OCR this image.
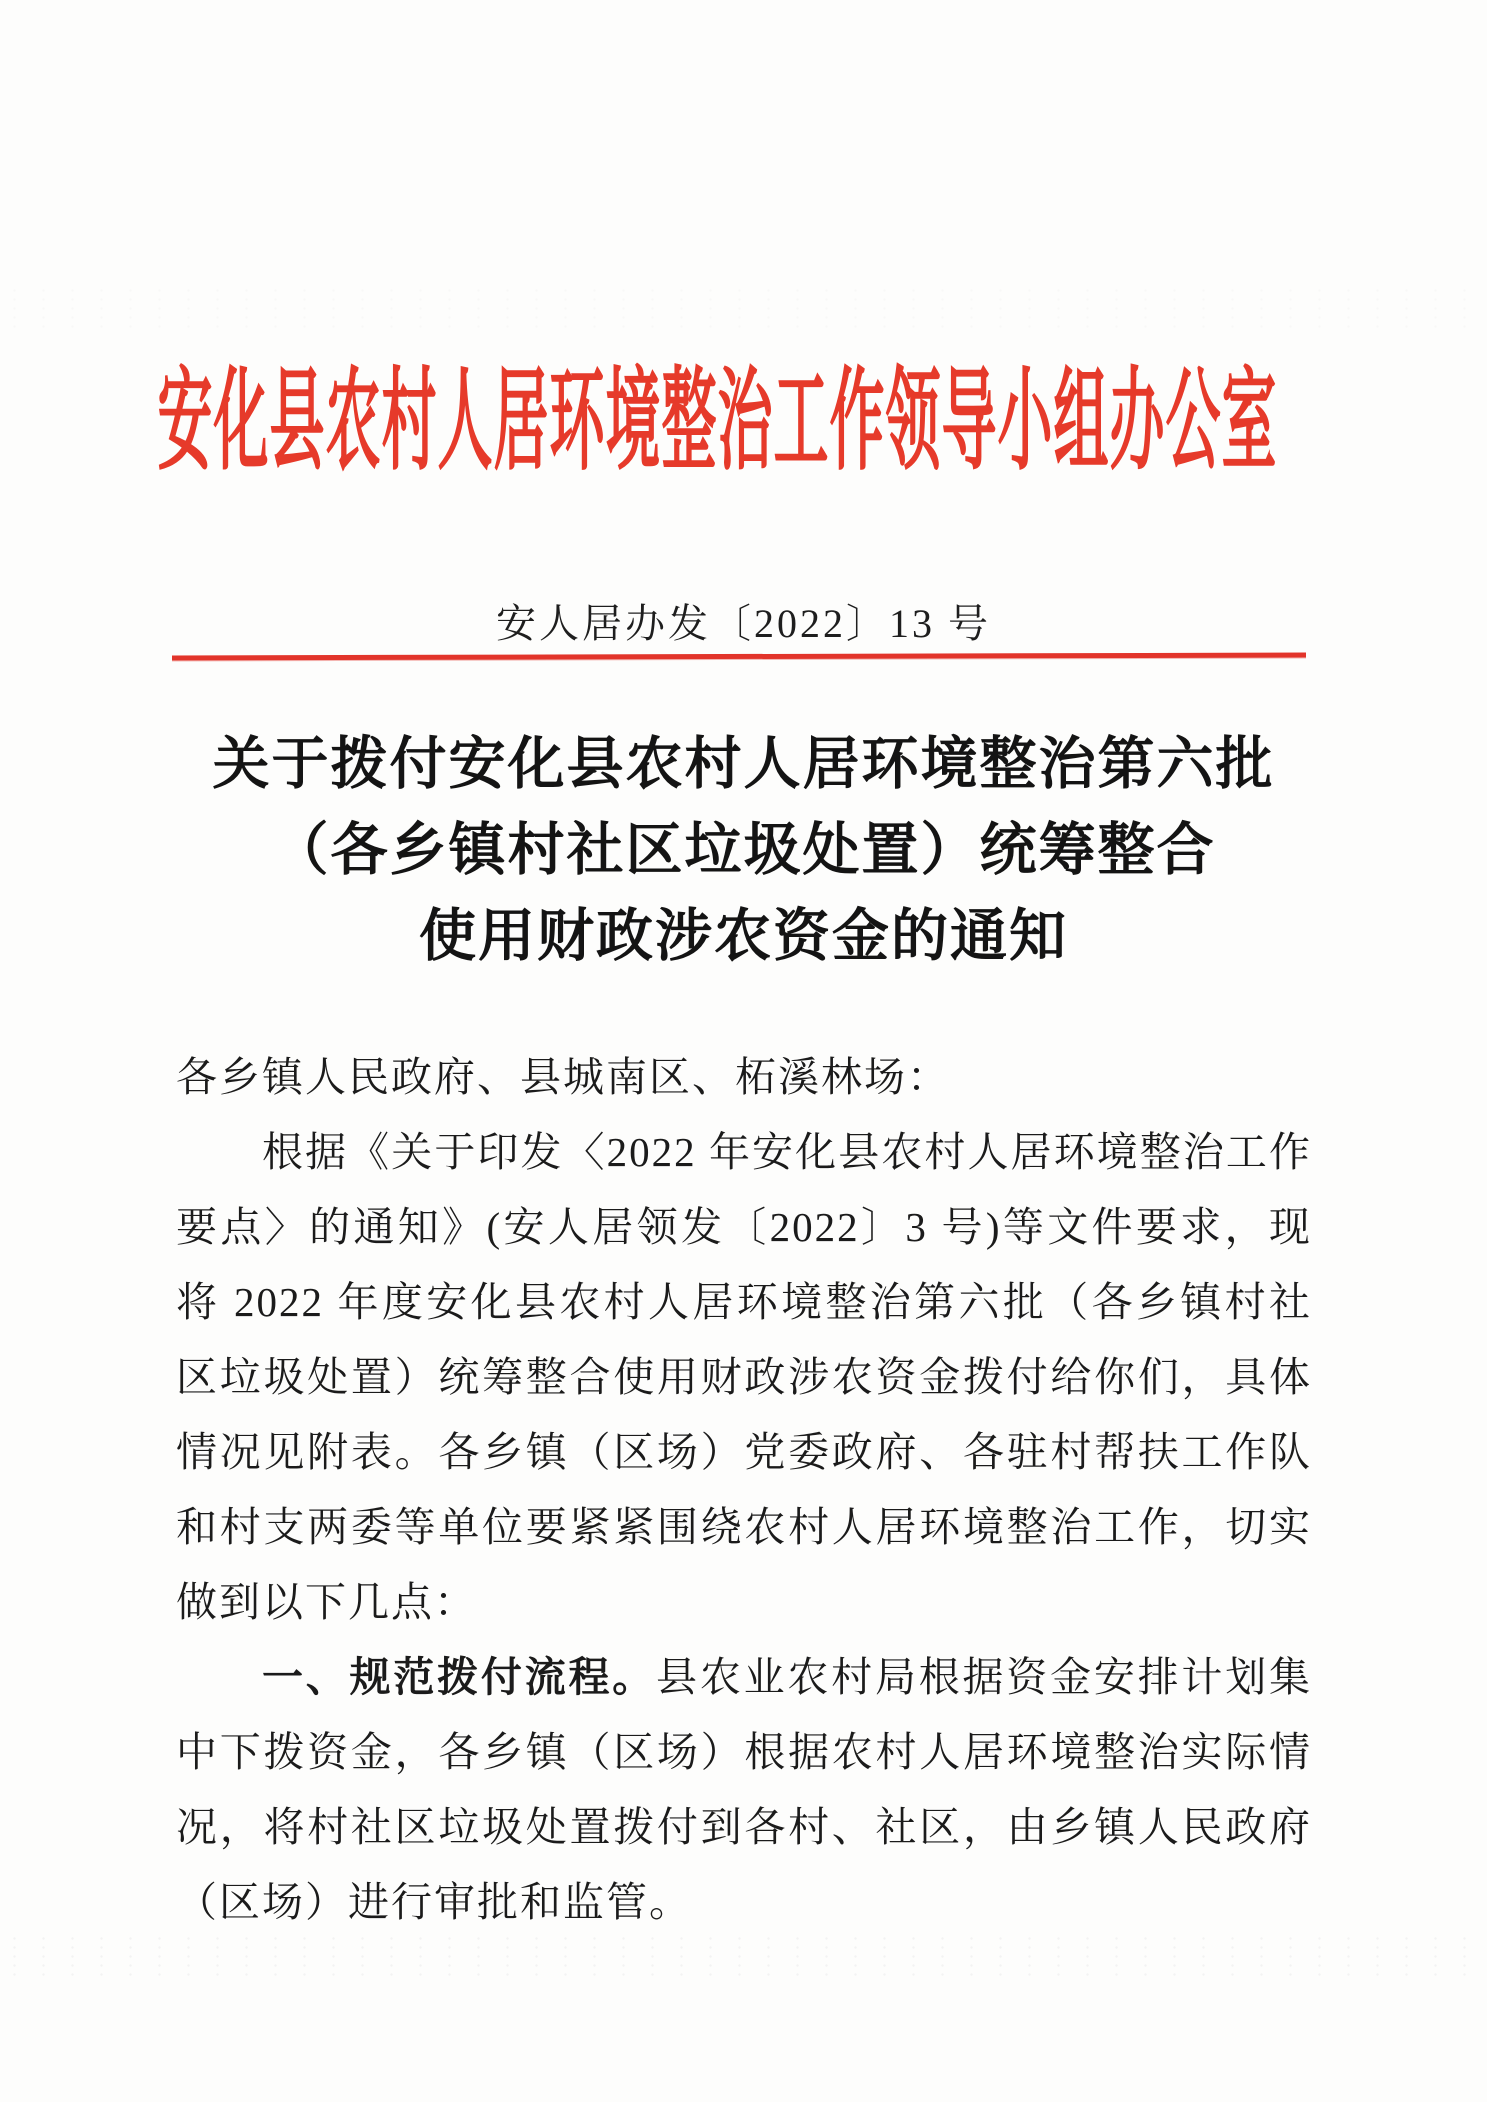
安化县农村人居环境整治工作领导小组办公室
安人居办发〔2022〕13 号
关于拨付安化县农村人居环境整治第六批
（各乡镇村社区垃圾处置）统筹整合
使用财政涉农资金的通知
各乡镇人民政府、县城南区、柘溪林场：

根据《关于印发〈2022 年安化县农村人居环境整治工作要点〉的通知》(安人居领发〔2022〕3 号)等文件要求，现将 2022 年度安化县农村人居环境整治第六批（各乡镇村社区垃圾处置）统筹整合使用财政涉农资金拨付给你们，具体情况见附表。各乡镇（区场）党委政府、各驻村帮扶工作队和村支两委等单位要紧紧围绕农村人居环境整治工作，切实做到以下几点：

一、规范拨付流程。县农业农村局根据资金安排计划集中下拨资金，各乡镇（区场）根据农村人居环境整治实际情况，将村社区垃圾处置拨付到各村、社区，由乡镇人民政府（区场）进行审批和监管。
